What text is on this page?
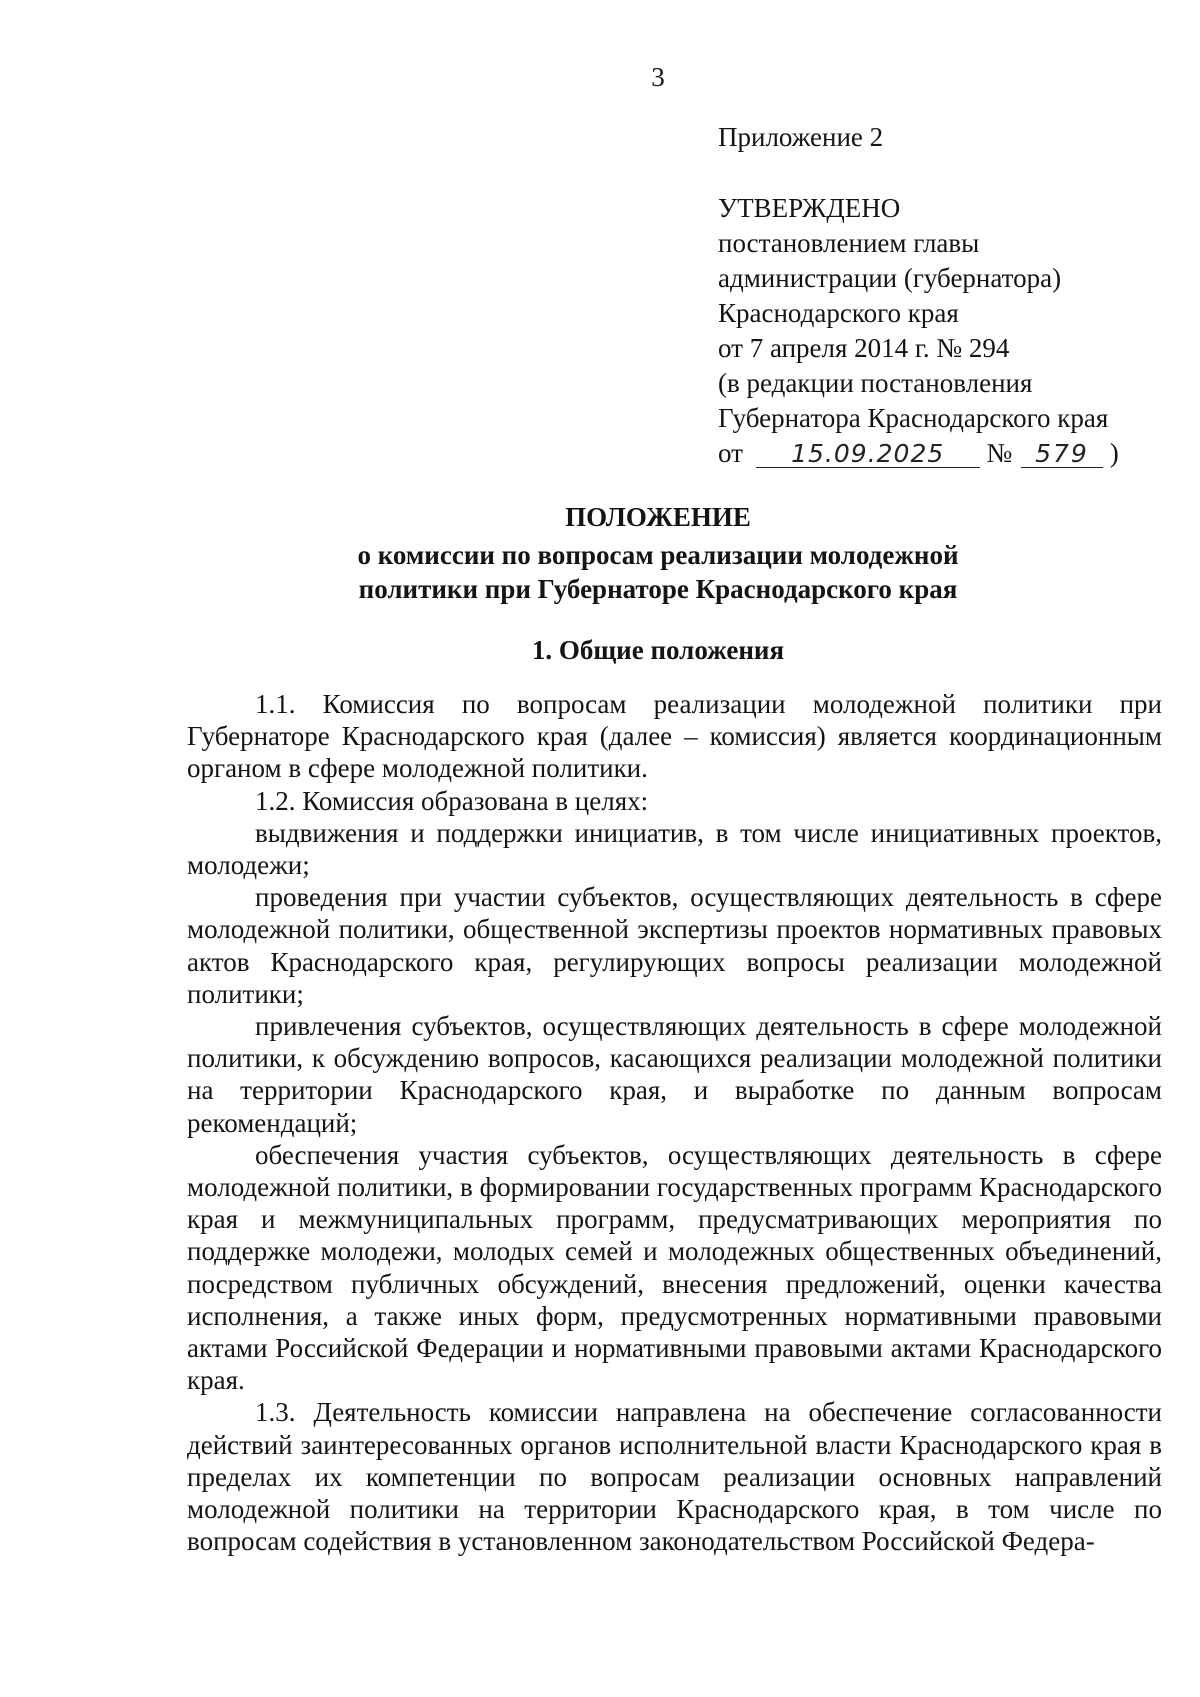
3
Приложение 2
УТВЕРЖДЕНО
постановлением главы
администрации (губернатора)
Краснодарского края
от 7 апреля 2014 г. № 294
(в редакции постановления
Губернатора Краснодарского края
от 15.09.2025 № 579 )
ПОЛОЖЕНИЕ
о комиссии по вопросам реализации молодежной
политики при Губернаторе Краснодарского края
1. Общие положения

1.1. Комиссия по вопросам реализации молодежной политики при Губернаторе Краснодарского края (далее – комиссия) является координационным органом в сфере молодежной политики.

1.2. Комиссия образована в целях:

выдвижения и поддержки инициатив, в том числе инициативных проектов, молодежи;

проведения при участии субъектов, осуществляющих деятельность в сфере молодежной политики, общественной экспертизы проектов нормативных правовых актов Краснодарского края, регулирующих вопросы реализации молодежной политики;

привлечения субъектов, осуществляющих деятельность в сфере молодежной политики, к обсуждению вопросов, касающихся реализации молодежной политики на территории Краснодарского края, и выработке по данным вопросам рекомендаций;

обеспечения участия субъектов, осуществляющих деятельность в сфере молодежной политики, в формировании государственных программ Краснодарского края и межмуниципальных программ, предусматривающих мероприятия по поддержке молодежи, молодых семей и молодежных общественных объединений, посредством публичных обсуждений, внесения предложений, оценки качества исполнения, а также иных форм, предусмотренных нормативными правовыми актами Российской Федерации и нормативными правовыми актами Краснодарского края.

1.3. Деятельность комиссии направлена на обеспечение согласованности действий заинтересованных органов исполнительной власти Краснодарского края в пределах их компетенции по вопросам реализации основных направлений молодежной политики на территории Краснодарского края, в том числе по вопросам содействия в установленном законодательством Российской Федера-
